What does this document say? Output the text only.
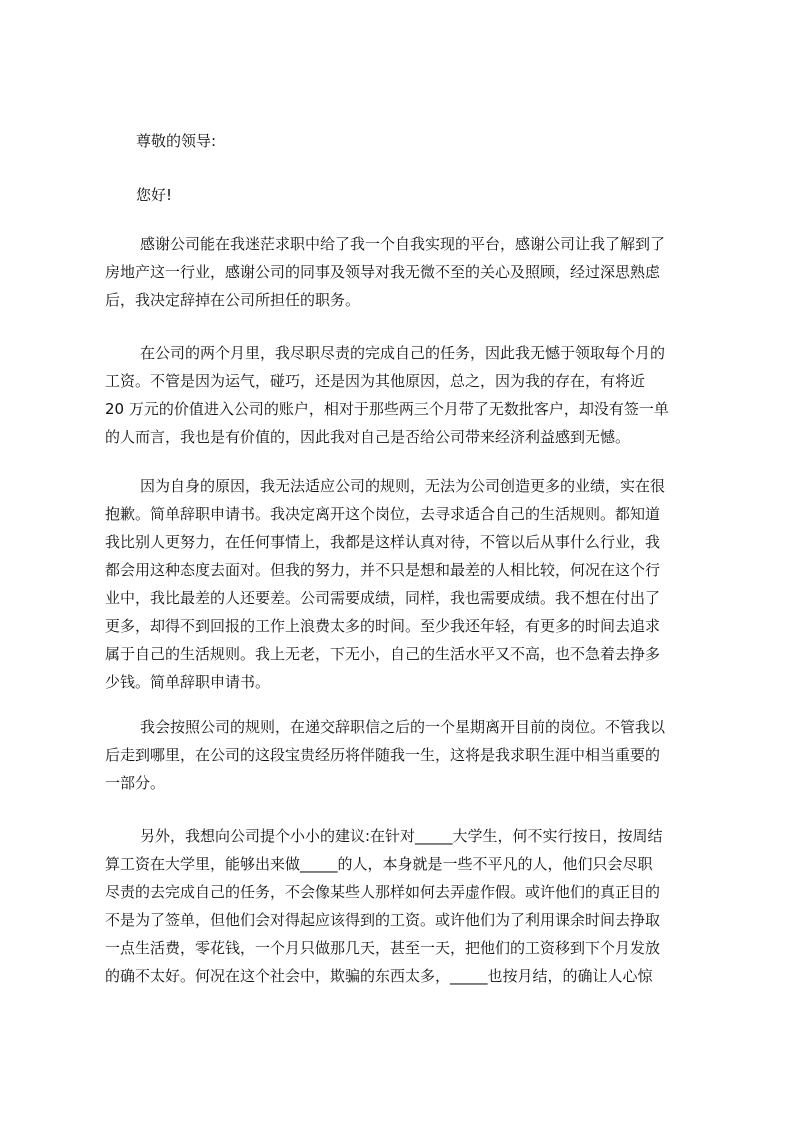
尊敬的领导:
您好!
感谢公司能在我迷茫求职中给了我一个自我实现的平台，感谢公司让我了解到了
房地产这一行业，感谢公司的同事及领导对我无微不至的关心及照顾，经过深思熟虑
后，我决定辞掉在公司所担任的职务。
在公司的两个月里，我尽职尽责的完成自己的任务，因此我无憾于领取每个月的
工资。不管是因为运气，碰巧，还是因为其他原因，总之，因为我的存在，有将近
20 万元的价值进入公司的账户，相对于那些两三个月带了无数批客户，却没有签一单
的人而言，我也是有价值的，因此我对自己是否给公司带来经济利益感到无憾。
因为自身的原因，我无法适应公司的规则，无法为公司创造更多的业绩，实在很
抱歉。简单辞职申请书。我决定离开这个岗位，去寻求适合自己的生活规则。都知道
我比别人更努力，在任何事情上，我都是这样认真对待，不管以后从事什么行业，我
都会用这种态度去面对。但我的努力，并不只是想和最差的人相比较，何况在这个行
业中，我比最差的人还要差。公司需要成绩，同样，我也需要成绩。我不想在付出了
更多，却得不到回报的工作上浪费太多的时间。至少我还年轻，有更多的时间去追求
属于自己的生活规则。我上无老，下无小，自己的生活水平又不高，也不急着去挣多
少钱。简单辞职申请书。
我会按照公司的规则，在递交辞职信之后的一个星期离开目前的岗位。不管我以
后走到哪里，在公司的这段宝贵经历将伴随我一生，这将是我求职生涯中相当重要的
一部分。
另外，我想向公司提个小小的建议:在针对_____大学生，何不实行按日，按周结
算工资在大学里，能够出来做_____的人，本身就是一些不平凡的人，他们只会尽职
尽责的去完成自己的任务，不会像某些人那样如何去弄虚作假。或许他们的真正目的
不是为了签单，但他们会对得起应该得到的工资。或许他们为了利用课余时间去挣取
一点生活费，零花钱，一个月只做那几天，甚至一天，把他们的工资移到下个月发放
的确不太好。何况在这个社会中，欺骗的东西太多，_____也按月结，的确让人心惊
